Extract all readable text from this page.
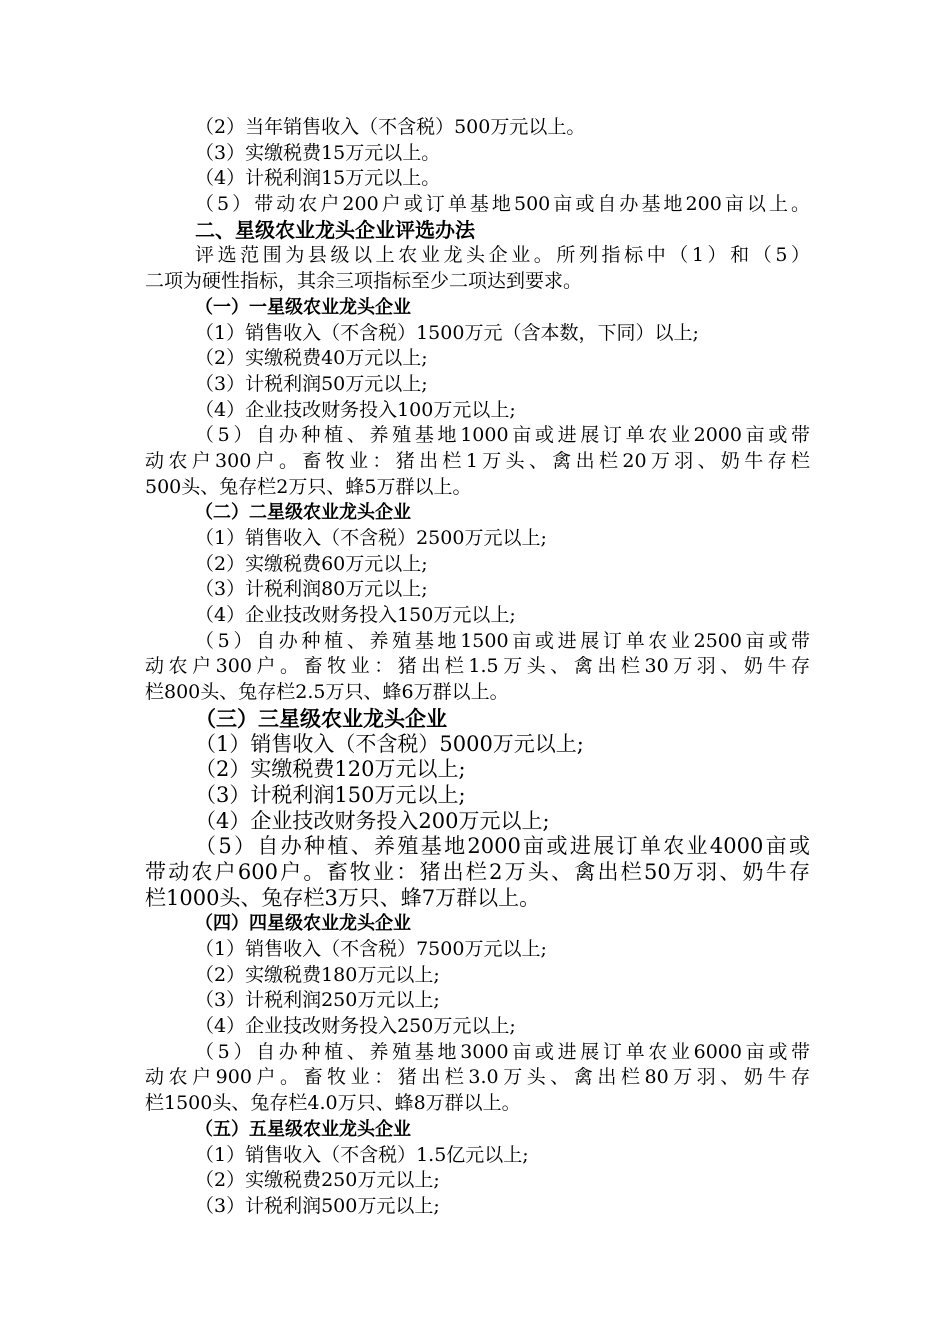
（2）当年销售收入（不含税）500万元以上。
（3）实缴税费15万元以上。
（4）计税利润15万元以上。
（5）带动农户200户或订单基地500亩或自办基地200亩以上。
二、星级农业龙头企业评选办法
评选范围为县级以上农业龙头企业。所列指标中（1）和（5）
二项为硬性指标，其余三项指标至少二项达到要求。
（一）一星级农业龙头企业
（1）销售收入（不含税）1500万元（含本数，下同）以上;
（2）实缴税费40万元以上;
（3）计税利润50万元以上;
（4）企业技改财务投入100万元以上;
（5）自办种植、养殖基地1000亩或进展订单农业2000亩或带
动农户300户。畜牧业：猪出栏1万头、禽出栏20万羽、奶牛存栏
500头、兔存栏2万只、蜂5万群以上。
（二）二星级农业龙头企业
（1）销售收入（不含税）2500万元以上;
（2）实缴税费60万元以上;
（3）计税利润80万元以上;
（4）企业技改财务投入150万元以上;
（5）自办种植、养殖基地1500亩或进展订单农业2500亩或带
动农户300户。畜牧业：猪出栏1.5万头、禽出栏30万羽、奶牛存
栏800头、兔存栏2.5万只、蜂6万群以上。
（三）三星级农业龙头企业
（1）销售收入（不含税）5000万元以上;
（2）实缴税费120万元以上;
（3）计税利润150万元以上;
（4）企业技改财务投入200万元以上;
（5）自办种植、养殖基地2000亩或进展订单农业4000亩或
带动农户600户。畜牧业：猪出栏2万头、禽出栏50万羽、奶牛存
栏1000头、兔存栏3万只、蜂7万群以上。
（四）四星级农业龙头企业
（1）销售收入（不含税）7500万元以上;
（2）实缴税费180万元以上;
（3）计税利润250万元以上;
（4）企业技改财务投入250万元以上;
（5）自办种植、养殖基地3000亩或进展订单农业6000亩或带
动农户900户。畜牧业：猪出栏3.0万头、禽出栏80万羽、奶牛存
栏1500头、兔存栏4.0万只、蜂8万群以上。
（五）五星级农业龙头企业
（1）销售收入（不含税）1.5亿元以上;
（2）实缴税费250万元以上;
（3）计税利润500万元以上;
